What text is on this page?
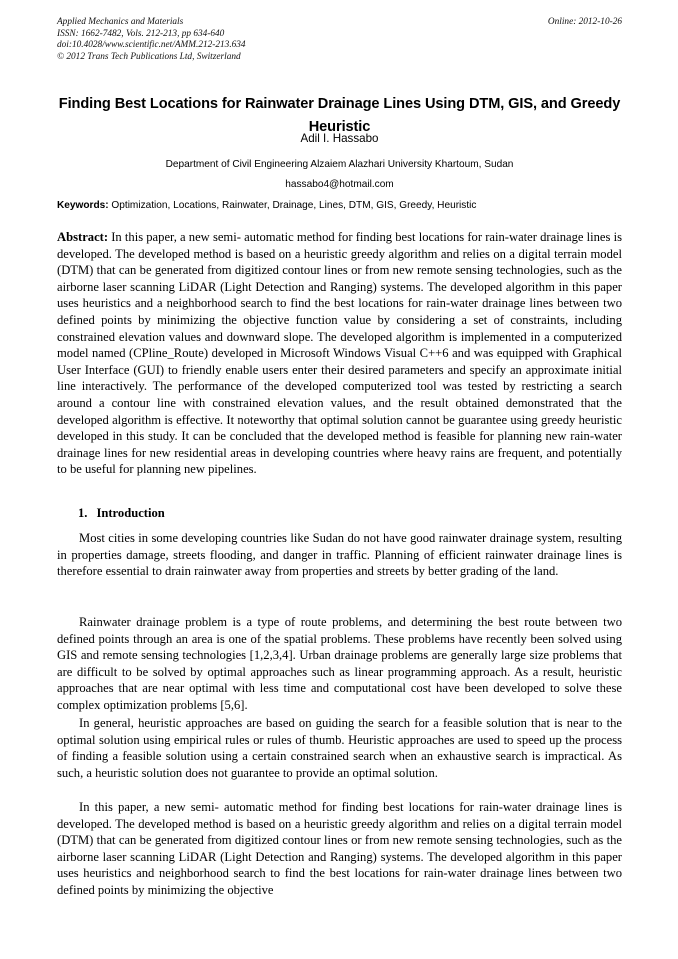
Applied Mechanics and Materials	Online: 2012-10-26
ISSN: 1662-7482, Vols. 212-213, pp 634-640
doi:10.4028/www.scientific.net/AMM.212-213.634
© 2012 Trans Tech Publications Ltd, Switzerland
Finding Best Locations for Rainwater Drainage Lines Using DTM, GIS, and Greedy Heuristic
Adil I. Hassabo
Department of Civil Engineering Alzaiem Alazhari University Khartoum, Sudan
hassabo4@hotmail.com
Keywords: Optimization, Locations, Rainwater, Drainage, Lines, DTM, GIS, Greedy, Heuristic
Abstract: In this paper, a new semi- automatic method for finding best locations for rain-water drainage lines is developed. The developed method is based on a heuristic greedy algorithm and relies on a digital terrain model (DTM) that can be generated from digitized contour lines or from new remote sensing technologies, such as the airborne laser scanning LiDAR (Light Detection and Ranging) systems. The developed algorithm in this paper uses heuristics and a neighborhood search to find the best locations for rain-water drainage lines between two defined points by minimizing the objective function value by considering a set of constraints, including constrained elevation values and downward slope. The developed algorithm is implemented in a computerized model named (CPline_Route) developed in Microsoft Windows Visual C++6 and was equipped with Graphical User Interface (GUI) to friendly enable users enter their desired parameters and specify an approximate initial line interactively. The performance of the developed computerized tool was tested by restricting a search around a contour line with constrained elevation values, and the result obtained demonstrated that the developed algorithm is effective. It noteworthy that optimal solution cannot be guarantee using greedy heuristic developed in this study. It can be concluded that the developed method is feasible for planning new rain-water drainage lines for new residential areas in developing countries where heavy rains are frequent, and potentially to be useful for planning new pipelines.
1. Introduction

Most cities in some developing countries like Sudan do not have good rainwater drainage system, resulting in properties damage, streets flooding, and danger in traffic. Planning of efficient rainwater drainage lines is therefore essential to drain rainwater away from properties and streets by better grading of the land.

Rainwater drainage problem is a type of route problems, and determining the best route between two defined points through an area is one of the spatial problems. These problems have recently been solved using GIS and remote sensing technologies [1,2,3,4]. Urban drainage problems are generally large size problems that are difficult to be solved by optimal approaches such as linear programming approach. As a result, heuristic approaches that are near optimal with less time and computational cost have been developed to solve these complex optimization problems [5,6].

In general, heuristic approaches are based on guiding the search for a feasible solution that is near to the optimal solution using empirical rules or rules of thumb. Heuristic approaches are used to speed up the process of finding a feasible solution using a certain constrained search when an exhaustive search is impractical. As such, a heuristic solution does not guarantee to provide an optimal solution.

In this paper, a new semi- automatic method for finding best locations for rain-water drainage lines is developed. The developed method is based on a heuristic greedy algorithm and relies on a digital terrain model (DTM) that can be generated from digitized contour lines or from new remote sensing technologies, such as the airborne laser scanning LiDAR (Light Detection and Ranging) systems. The developed algorithm in this paper uses heuristics and neighborhood search to find the best locations for rain-water drainage lines between two defined points by minimizing the objective
